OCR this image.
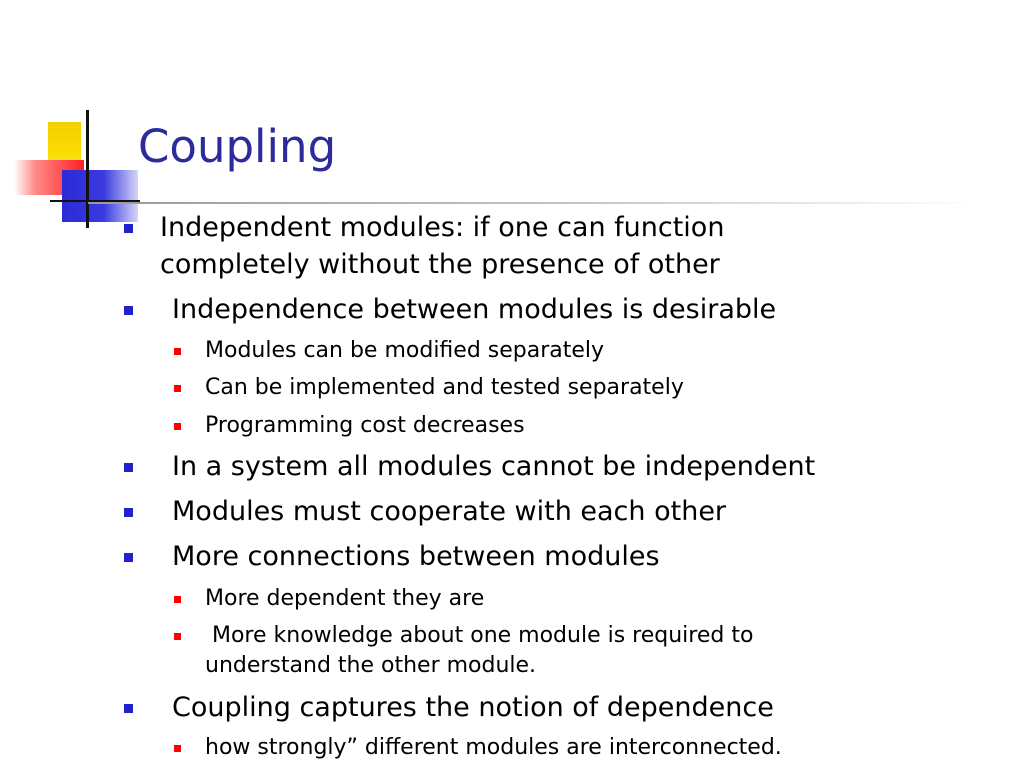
Coupling
Independent modules: if one can function
completely without the presence of other
Independence between modules is desirable
Modules can be modified separately
Can be implemented and tested separately
Programming cost decreases
In a system all modules cannot be independent
Modules must cooperate with each other
More connections between modules
More dependent they are
More knowledge about one module is required to
understand the other module.
Coupling captures the notion of dependence
how strongly” different modules are interconnected.
